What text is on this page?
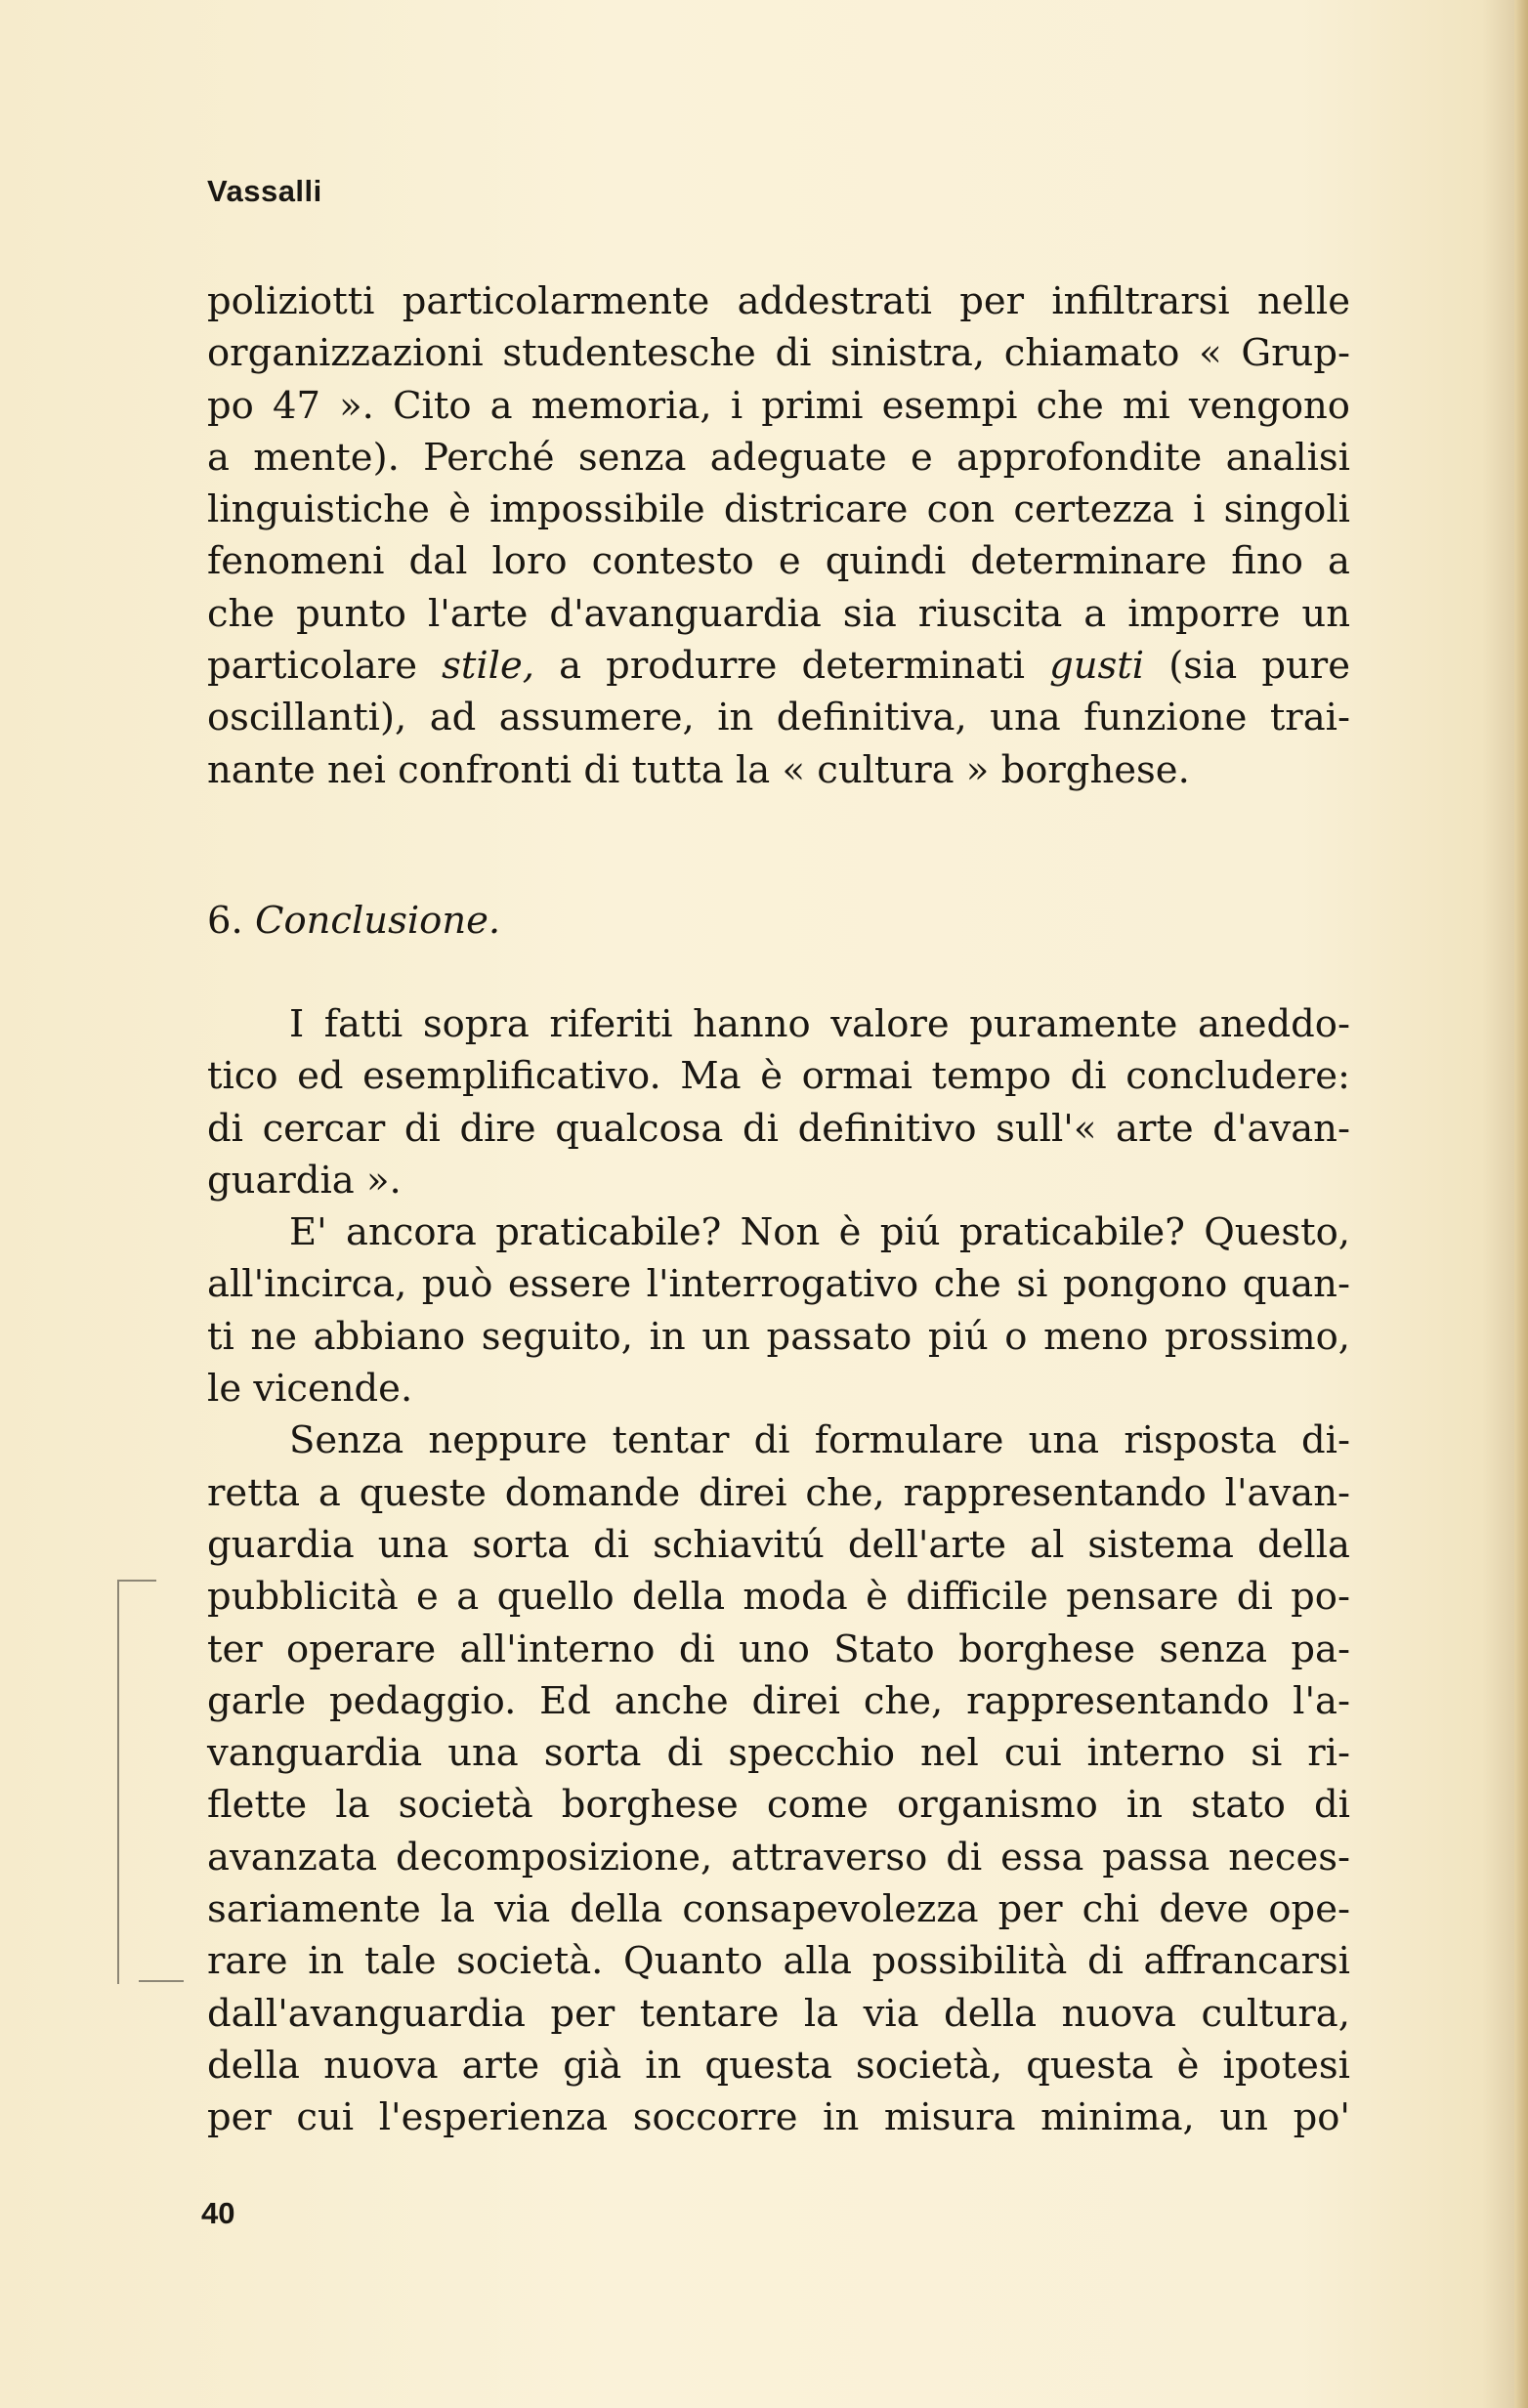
Vassalli
poliziotti particolarmente addestrati per infiltrarsi nelle
organizzazioni studentesche di sinistra, chiamato « Grup-
po 47 ». Cito a memoria, i primi esempi che mi vengono
a mente). Perché senza adeguate e approfondite analisi
linguistiche è impossibile districare con certezza i singoli
fenomeni dal loro contesto e quindi determinare fino a
che punto l'arte d'avanguardia sia riuscita a imporre un
particolare stile, a produrre determinati gusti (sia pure
oscillanti), ad assumere, in definitiva, una funzione trai-
nante nei confronti di tutta la « cultura » borghese.
6. Conclusione.
I fatti sopra riferiti hanno valore puramente aneddo-
tico ed esemplificativo. Ma è ormai tempo di concludere:
di cercar di dire qualcosa di definitivo sull'« arte d'avan-
guardia ».
E' ancora praticabile? Non è piú praticabile? Questo,
all'incirca, può essere l'interrogativo che si pongono quan-
ti ne abbiano seguito, in un passato piú o meno prossimo,
le vicende.
Senza neppure tentar di formulare una risposta di-
retta a queste domande direi che, rappresentando l'avan-
guardia una sorta di schiavitú dell'arte al sistema della
pubblicità e a quello della moda è difficile pensare di po-
ter operare all'interno di uno Stato borghese senza pa-
garle pedaggio. Ed anche direi che, rappresentando l'a-
vanguardia una sorta di specchio nel cui interno si ri-
flette la società borghese come organismo in stato di
avanzata decomposizione, attraverso di essa passa neces-
sariamente la via della consapevolezza per chi deve ope-
rare in tale società. Quanto alla possibilità di affrancarsi
dall'avanguardia per tentare la via della nuova cultura,
della nuova arte già in questa società, questa è ipotesi
per cui l'esperienza soccorre in misura minima, un po'
40
